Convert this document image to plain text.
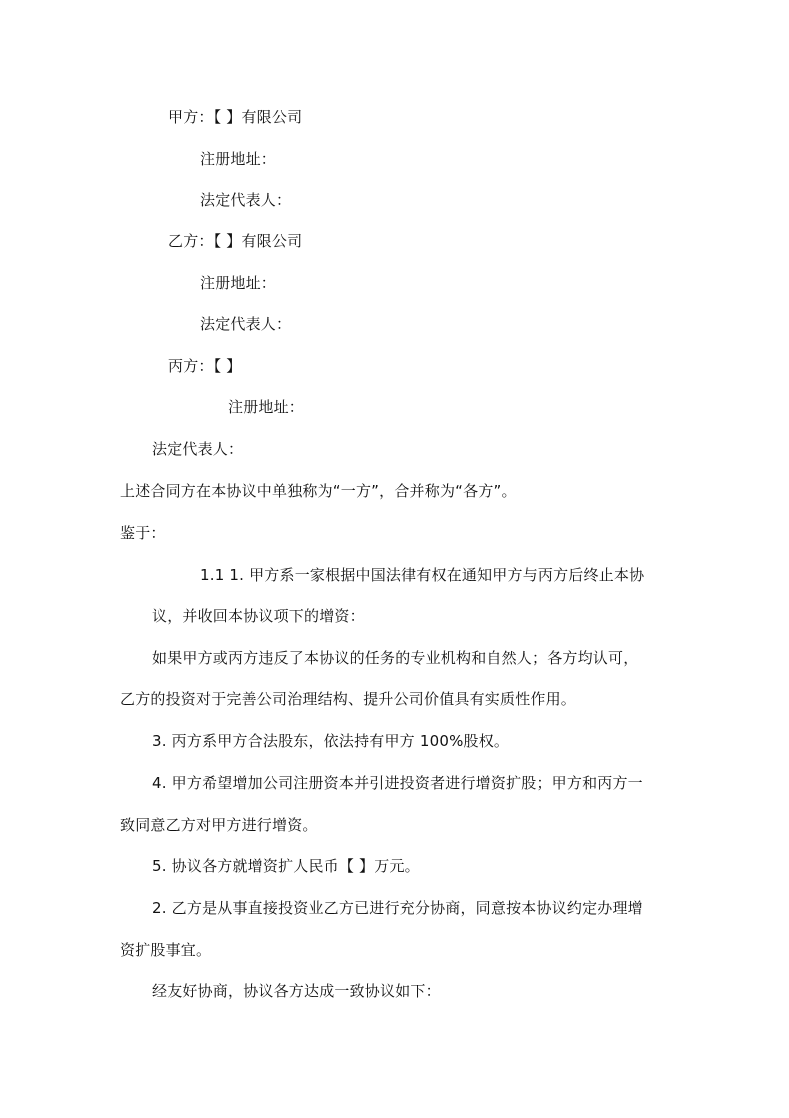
甲方：【 】有限公司
注册地址：
法定代表人：
乙方：【 】有限公司
注册地址：
法定代表人：
丙方：【 】
注册地址：
法定代表人：
上述合同方在本协议中单独称为“一方”，合并称为“各方”。
鉴于：
1.1 1. 甲方系一家根据中国法律有权在通知甲方与丙方后终止本协
议，并收回本协议项下的增资：
如果甲方或丙方违反了本协议的任务的专业机构和自然人；各方均认可，
乙方的投资对于完善公司治理结构、提升公司价值具有实质性作用。
3. 丙方系甲方合法股东，依法持有甲方 100%股权。
4. 甲方希望增加公司注册资本并引进投资者进行增资扩股；甲方和丙方一
致同意乙方对甲方进行增资。
5. 协议各方就增资扩人民币【 】万元。
2. 乙方是从事直接投资业乙方已进行充分协商，同意按本协议约定办理增
资扩股事宜。
经友好协商，协议各方达成一致协议如下：
